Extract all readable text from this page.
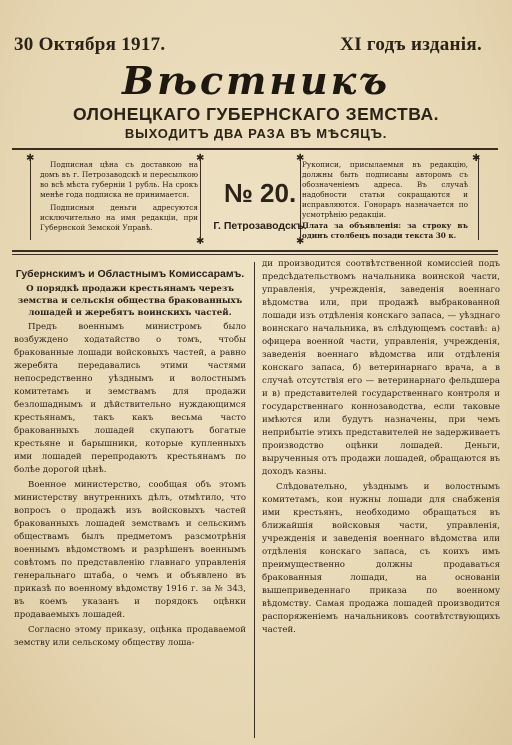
30 Октября 1917.	XI годъ изданія.
Вѣстникъ
ОЛОНЕЦКАГО ГУБЕРНСКАГО ЗЕМСТВА.
ВЫХОДИТЪ ДВА РАЗА ВЪ МѢСЯЦЪ.
✱	✱	✱	✱
✱	✱

Подписная цѣна съ доставкою на домъ въ г. Петрозаводскѣ и пересылкою во всѣ мѣста губерніи 1 рубль. На срокъ менѣе года подписка не принимается.

Подписныя деньги адресуются исключительно на имя редакціи, при Губернской Земской Управѣ.

№ 20.
Г. Петрозаводскъ.

Рукописи, присылаемыя въ редакцію, должны быть подписаны авторомъ съ обозначеніемъ адреса. Въ случаѣ надобности статьи сокращаются и исправляются. Гонораръ назначается по усмотрѣнію редакціи.

Плата за объявленія: за строку въ одинъ столбецъ позади текста 30 к.

Губернскимъ и Областнымъ Комиссарамъ.

О порядкѣ продажи крестьянамъ черезъ земства и сельскія общества бракованныхъ лошадей и жеребятъ воинскихъ частей.

Предъ военнымъ министромъ было возбуждено ходатайство о томъ, чтобы бракованные лошади войсковыхъ частей, а равно жеребята передавались этими частями непосредственно уѣзднымъ и волостнымъ комитетамъ и земствамъ для продажи безлошаднымъ и дѣйствительно нуждающимся крестьянамъ, такъ какъ весьма часто бракованныхъ лошадей скупаютъ богатые крестьяне и барышники, которые купленныхъ ими лошадей перепродаютъ крестьянамъ по болѣе дорогой цѣнѣ.

Военное министерство, сообщая объ этомъ министерству внутреннихъ дѣлъ, отмѣтило, что вопросъ о продажѣ изъ войсковыхъ частей бракованныхъ лошадей земствамъ и сельскимъ обществамъ былъ предметомъ разсмотрѣнія военнымъ вѣдомствомъ и разрѣшенъ военнымъ совѣтомъ по представленію главнаго управленія генеральнаго штаба, о чемъ и объявлено въ приказѣ по военному вѣдомству 1916 г. за № 343, въ коемъ указанъ и порядокъ оцѣнки продаваемыхъ лошадей.

Согласно этому приказу, оцѣнка продаваемой земству или сельскому обществу лоша-

ди производится соотвѣтственной комиссіей подъ предсѣдательствомъ начальника воинской части, управленія, учрежденія, заведенія военнаго вѣдомства или, при продажѣ выбракованной лошади изъ отдѣленія конскаго запаса, — уѣзднаго воинскаго начальника, въ слѣдующемъ составѣ: а) офицера военной части, управленія, учрежденія, заведенія военнаго вѣдомства или отдѣленія конскаго запаса, б) ветеринарнаго врача, а в случаѣ отсутствія его — ветеринарнаго фельдшера и в) представителей государственнаго контроля и государственнаго коннозаводства, если таковые имѣются или будутъ назначены, при чемъ неприбытіе этихъ представителей не задерживаетъ производство оцѣнки лошадей. Деньги, вырученныя отъ продажи лошадей, обращаются въ доходъ казны.

Слѣдовательно, уѣзднымъ и волостнымъ комитетамъ, кои нужны лошади для снабженія ими крестьянъ, необходимо обращаться въ ближайшія войсковыя части, управленія, учрежденія и заведенія военнаго вѣдомства или отдѣленія конскаго запаса, съ коихъ имъ преимущественно должны продаваться бракованныя лошади, на основаніи вышеприведеннаго приказа по военному вѣдомству. Самая продажа лошадей производится распоряженіемъ начальниковъ соотвѣтствующихъ частей.
